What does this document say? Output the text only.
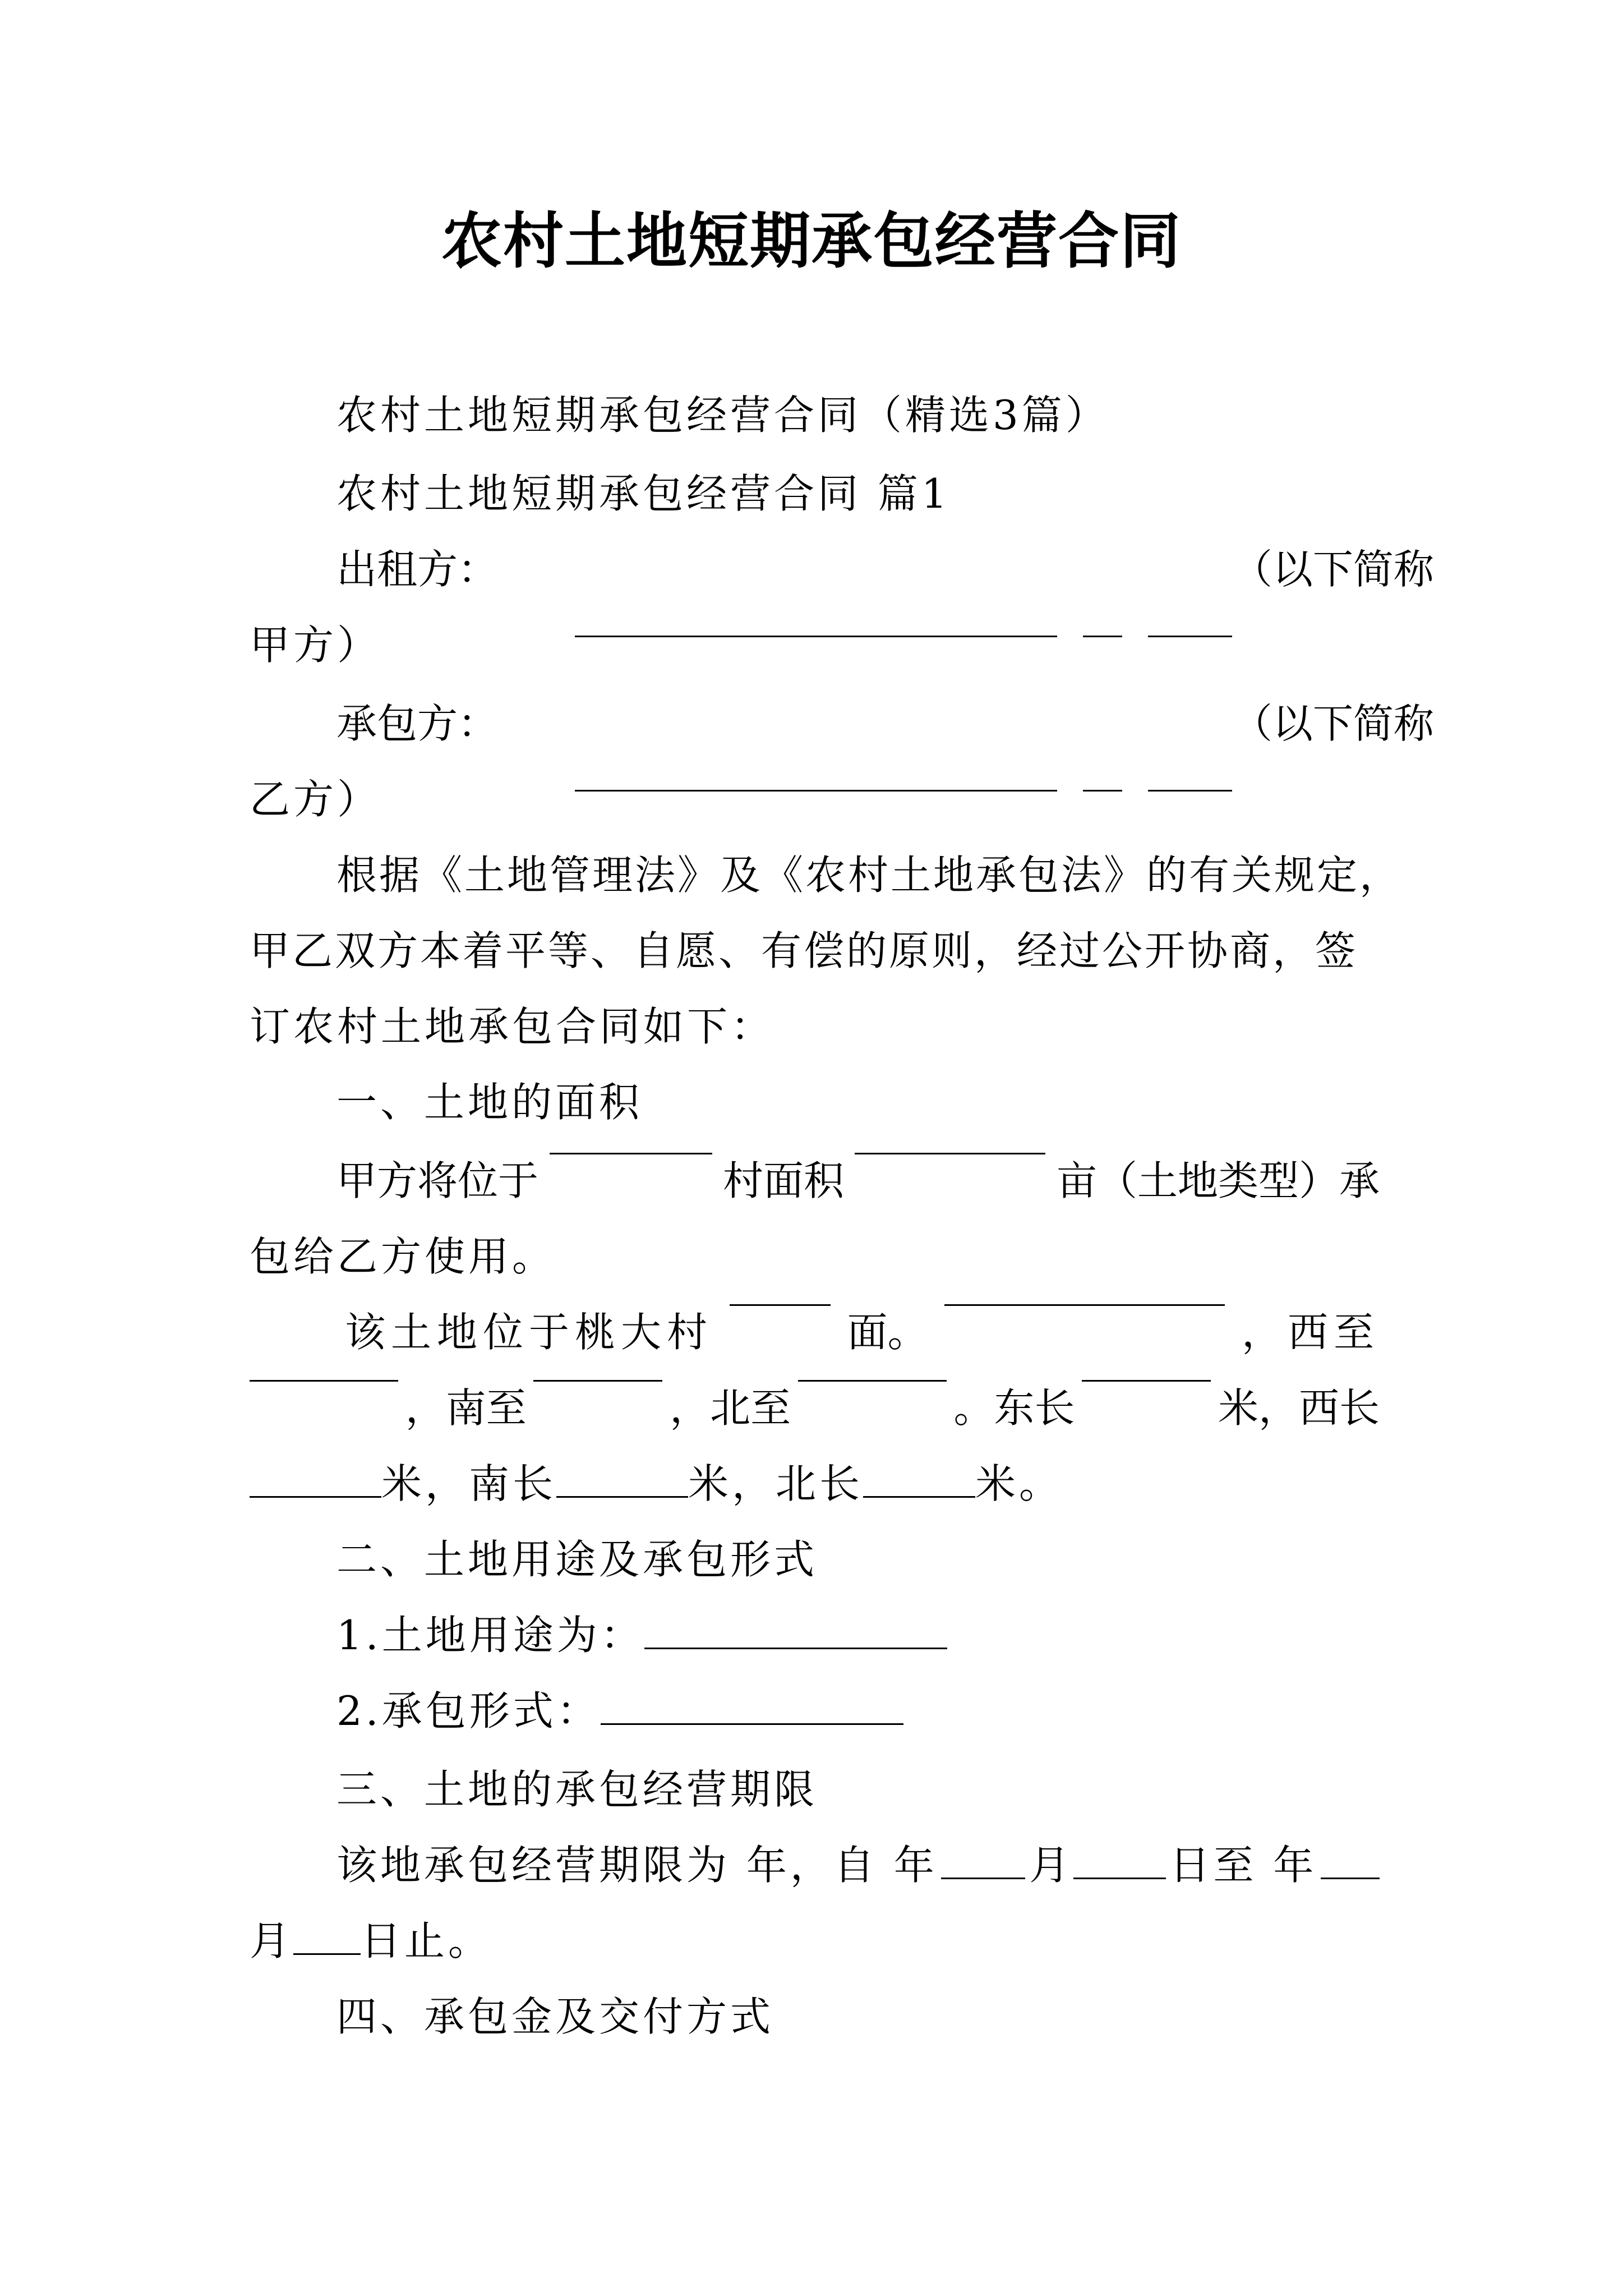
农村土地短期承包经营合同
农村土地短期承包经营合同（精选3篇）
农村土地短期承包经营合同 篇1
出租方：

	（以下简称
甲方）
承包方：

	（以下简称
乙方）
根据《土地管理法》及《农村土地承包法》的有关规定，
甲乙双方本着平等、自愿、有偿的原则，经过公开协商，签
订农村土地承包合同如下：
一、土地的面积
甲方将位于	村面积	亩（土地类型）承
包给乙方使用。
该土地位于桃大村	面。	，西至
，南至	，北至	。东长	米，西长
米，南长	米，北长	米。
二、土地用途及承包形式
1.土地用途为：
2.承包形式：
三、土地的承包经营期限
该地承包经营期限为 年，自 年 月 日至 年
月 日止。
四、承包金及交付方式
